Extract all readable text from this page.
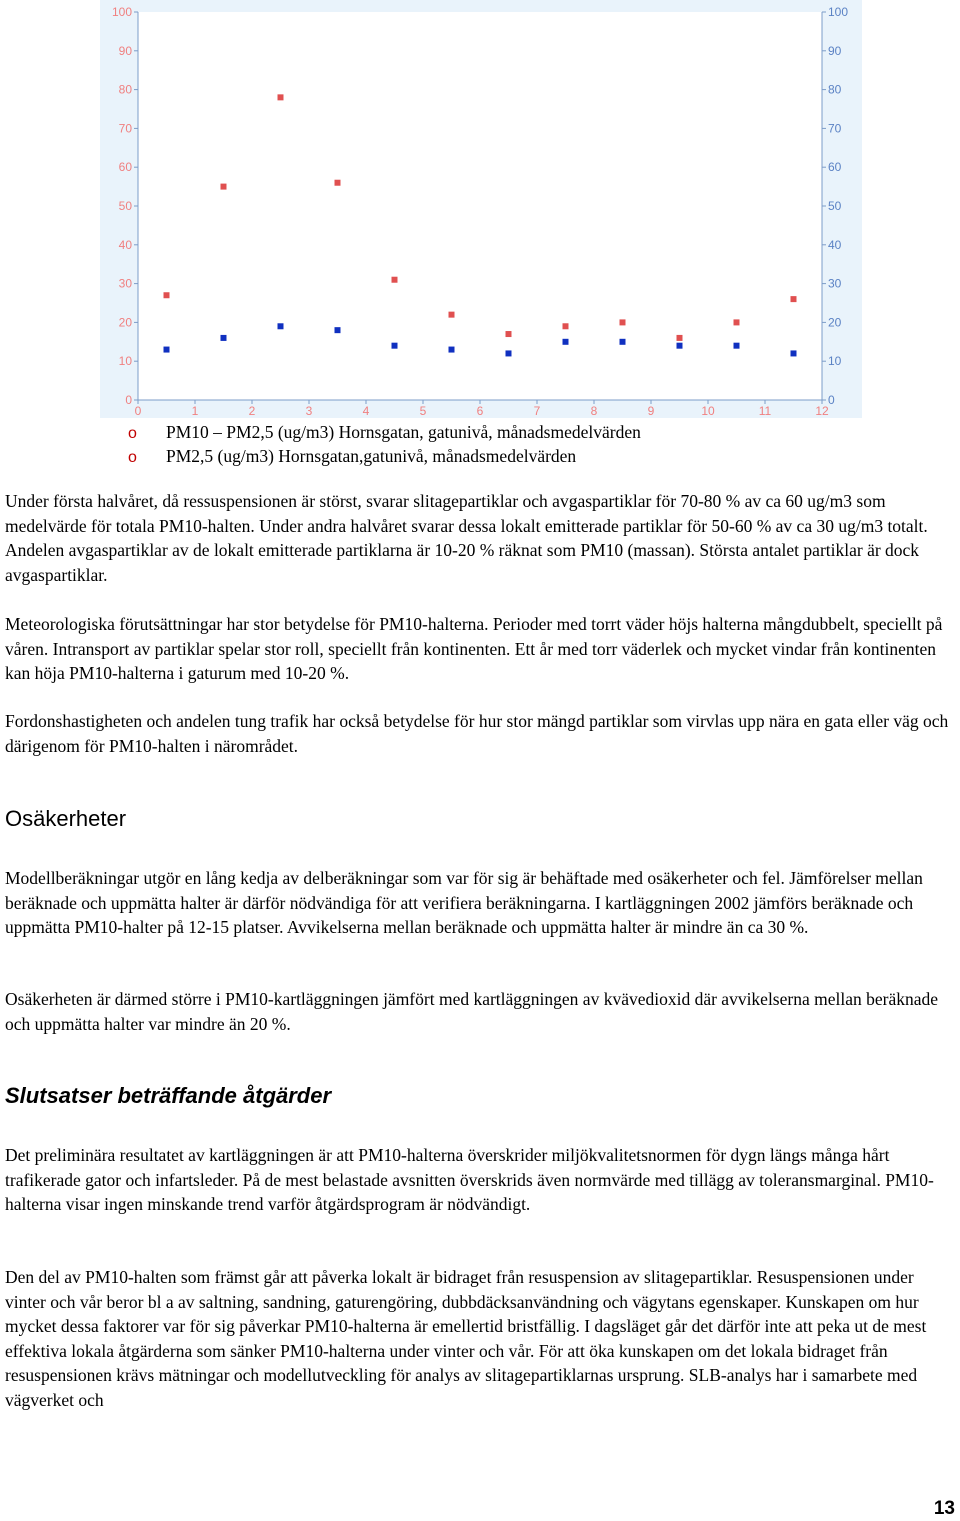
0
10
20
30
40
50
60
70
80
90
100
0
10
20
30
40
50
60
70
80
90
100
0	1	2	3	4	5	6	7	8	9	10	11	12
o	PM10 – PM2,5 (ug/m3) Hornsgatan, gatunivå, månadsmedelvärden
o	PM2,5 (ug/m3) Hornsgatan,gatunivå, månadsmedelvärden

Under första halvåret, då ressuspensionen är störst, svarar slitagepartiklar och avgaspartiklar för 70-80 % av ca 60 ug/m3 som medelvärde för totala PM10-halten. Under andra halvåret svarar dessa lokalt emitterade partiklar för 50-60 % av ca 30 ug/m3 totalt. Andelen avgaspartiklar av de lokalt emitterade partiklarna är 10-20 % räknat som PM10 (massan). Största antalet partiklar är dock avgaspartiklar.

Meteorologiska förutsättningar har stor betydelse för PM10-halterna. Perioder med torrt väder höjs halterna mångdubbelt, speciellt på våren. Intransport av partiklar spelar stor roll, speciellt från kontinenten. Ett år med torr väderlek och mycket vindar från kontinenten kan höja PM10-halterna i gaturum med 10-20 %.

Fordonshastigheten och andelen tung trafik har också betydelse för hur stor mängd partiklar som virvlas upp nära en gata eller väg och därigenom för PM10-halten i närområdet.

Osäkerheter

Modellberäkningar utgör en lång kedja av delberäkningar som var för sig är behäftade med osäkerheter och fel. Jämförelser mellan beräknade och uppmätta halter är därför nödvändiga för att verifiera beräkningarna. I kartläggningen 2002 jämförs beräknade och uppmätta PM10-halter på 12-15 platser. Avvikelserna mellan beräknade och uppmätta halter är mindre än ca 30 %.

Osäkerheten är därmed större i PM10-kartläggningen jämfört med kartläggningen av kvävedioxid där avvikelserna mellan beräknade och uppmätta halter var mindre än 20 %.

Slutsatser beträffande åtgärder

Det preliminära resultatet av kartläggningen är att PM10-halterna överskrider miljökvalitetsnormen för dygn längs många hårt trafikerade gator och infartsleder. På de mest belastade avsnitten överskrids även normvärde med tillägg av toleransmarginal. PM10-halterna visar ingen minskande trend varför åtgärdsprogram är nödvändigt.

Den del av PM10-halten som främst går att påverka lokalt är bidraget från resuspension av slitagepartiklar. Resuspensionen under vinter och vår beror bl a av saltning, sandning, gaturengöring, dubbdäcksanvändning och vägytans egenskaper. Kunskapen om hur mycket dessa faktorer var för sig påverkar PM10-halterna är emellertid bristfällig. I dagsläget går det därför inte att peka ut de mest effektiva lokala åtgärderna som sänker PM10-halterna under vinter och vår. För att öka kunskapen om det lokala bidraget från resuspensionen krävs mätningar och modellutveckling för analys av slitagepartiklarnas ursprung. SLB-analys har i samarbete med vägverket och

13
